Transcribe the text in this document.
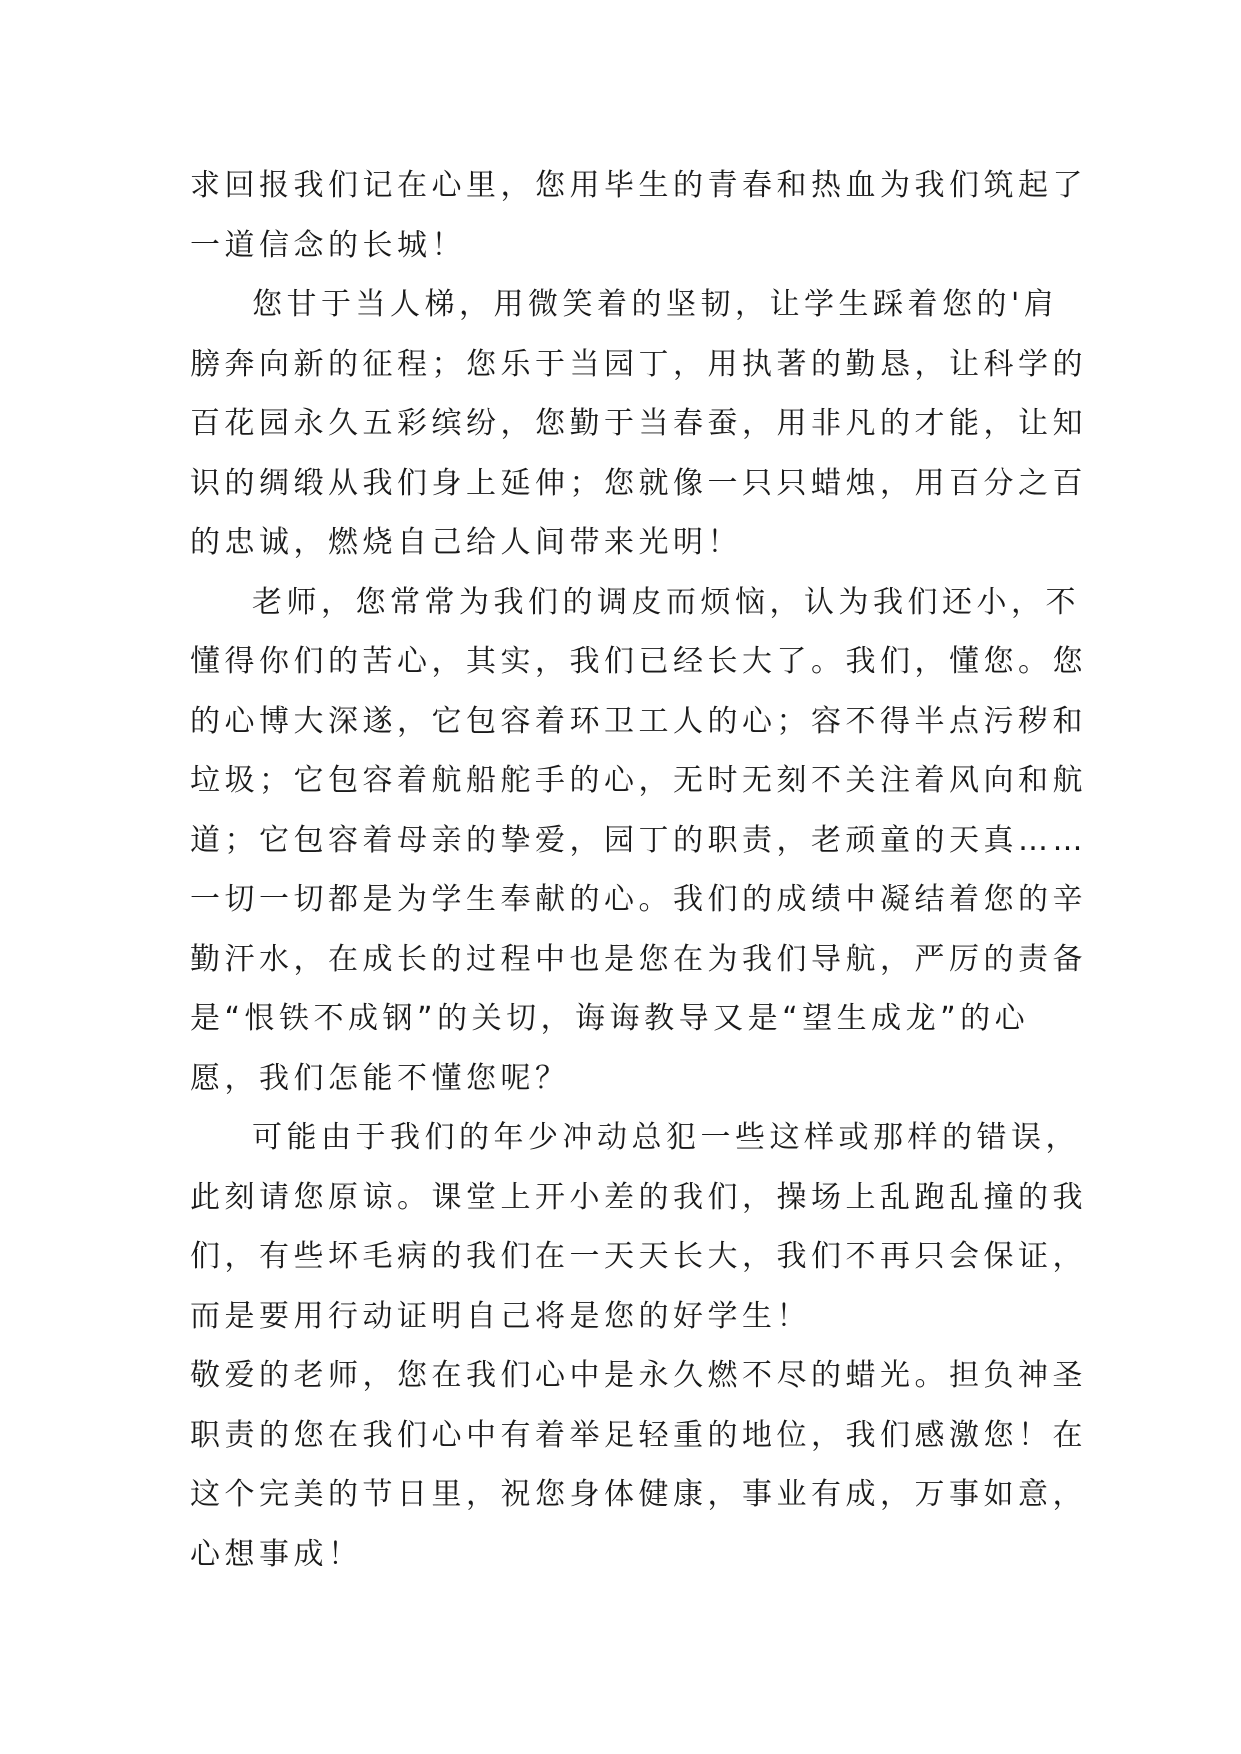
求回报我们记在心里，您用毕生的青春和热血为我们筑起了
一道信念的长城！
您甘于当人梯，用微笑着的坚韧，让学生踩着您的'肩
膀奔向新的征程；您乐于当园丁，用执著的勤恳，让科学的
百花园永久五彩缤纷，您勤于当春蚕，用非凡的才能，让知
识的绸缎从我们身上延伸；您就像一只只蜡烛，用百分之百
的忠诚，燃烧自己给人间带来光明！
老师，您常常为我们的调皮而烦恼，认为我们还小，不
懂得你们的苦心，其实，我们已经长大了。我们，懂您。您
的心博大深遂，它包容着环卫工人的心；容不得半点污秽和
垃圾；它包容着航船舵手的心，无时无刻不关注着风向和航
道；它包容着母亲的挚爱，园丁的职责，老顽童的天真……
一切一切都是为学生奉献的心。我们的成绩中凝结着您的辛
勤汗水，在成长的过程中也是您在为我们导航，严厉的责备
是“恨铁不成钢”的关切，诲诲教导又是“望生成龙”的心
愿，我们怎能不懂您呢？
可能由于我们的年少冲动总犯一些这样或那样的错误，
此刻请您原谅。课堂上开小差的我们，操场上乱跑乱撞的我
们，有些坏毛病的我们在一天天长大，我们不再只会保证，
而是要用行动证明自己将是您的好学生！
敬爱的老师，您在我们心中是永久燃不尽的蜡光。担负神圣
职责的您在我们心中有着举足轻重的地位，我们感激您！在
这个完美的节日里，祝您身体健康，事业有成，万事如意，
心想事成！
